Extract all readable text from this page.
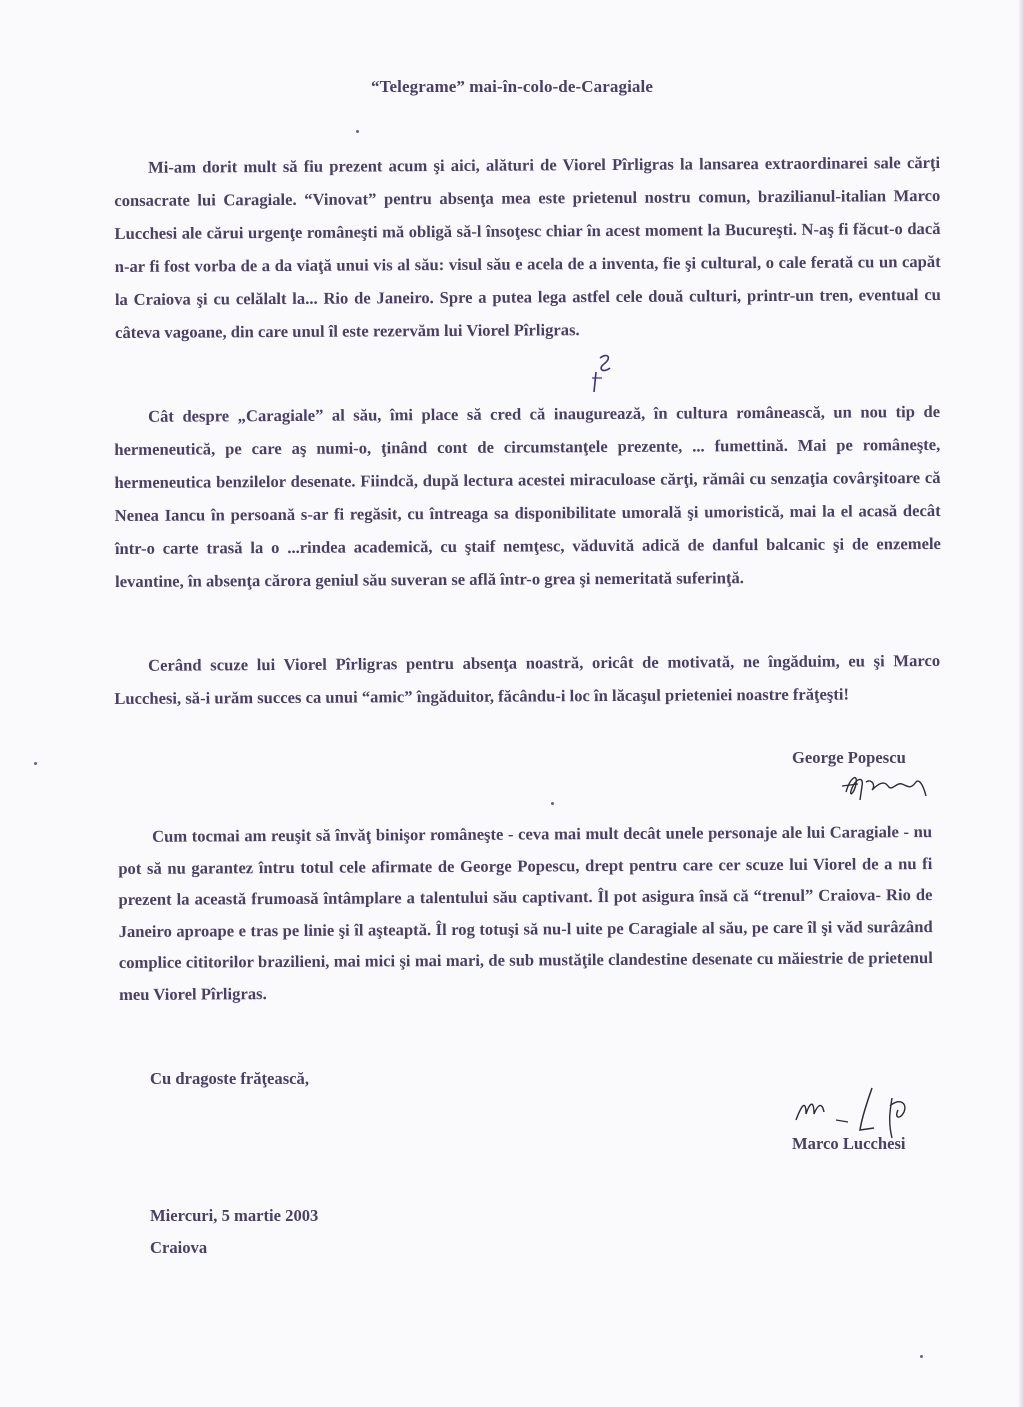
“Telegrame” mai-în-colo-de-Caragiale

Mi-am dorit mult să fiu prezent acum şi aici, alături de Viorel Pîrligras la lansarea extraordinarei sale cărţi consacrate lui Caragiale. “Vinovat” pentru absenţa mea este prietenul nostru comun, brazilianul-italian Marco Lucchesi ale cărui urgenţe româneşti mă obligă să-l însoţesc chiar în acest moment la Bucureşti. N-aş fi făcut-o dacă n-ar fi fost vorba de a da viaţă unui vis al său: visul său e acela de a inventa, fie şi cultural, o cale ferată cu un capăt la Craiova şi cu celălalt la... Rio de Janeiro. Spre a putea lega astfel cele două culturi, printr-un tren, eventual cu câteva vagoane, din care unul îl este rezervăm lui Viorel Pîrligras.

Cât despre „Caragiale” al său, îmi place să cred că inaugurează, în cultura românească, un nou tip de hermeneutică, pe care aş numi-o, ţinând cont de circumstanţele prezente, ... fumettină. Mai pe româneşte, hermeneutica benzilelor desenate. Fiindcă, după lectura acestei miraculoase cărţi, rămâi cu senzaţia covârşitoare că Nenea Iancu în persoană s-ar fi regăsit, cu întreaga sa disponibilitate umorală şi umoristică, mai la el acasă decât într-o carte trasă la o ...rindea academică, cu ştaif nemţesc, văduvită adică de danful balcanic şi de enzemele levantine, în absenţa cărora geniul său suveran se află într-o grea şi nemeritată suferinţă.

Cerând scuze lui Viorel Pîrligras pentru absenţa noastră, oricât de motivată, ne îngăduim, eu şi Marco Lucchesi, să-i urăm succes ca unui “amic” îngăduitor, făcându-i loc în lăcaşul prieteniei noastre frăţeşti!

George Popescu

Cum tocmai am reuşit să învăţ binişor româneşte - ceva mai mult decât unele personaje ale lui Caragiale - nu pot să nu garantez întru totul cele afirmate de George Popescu, drept pentru care cer scuze lui Viorel de a nu fi prezent la această frumoasă întâmplare a talentului său captivant. Îl pot asigura însă că “trenul” Craiova- Rio de Janeiro aproape e tras pe linie şi îl aşteaptă. Îl rog totuşi să nu-l uite pe Caragiale al său, pe care îl şi văd surâzând complice cititorilor brazilieni, mai mici şi mai mari, de sub mustăţile clandestine desenate cu măiestrie de prietenul meu Viorel Pîrligras.

Cu dragoste frăţească,
Marco Lucchesi
Miercuri, 5 martie 2003
Craiova
